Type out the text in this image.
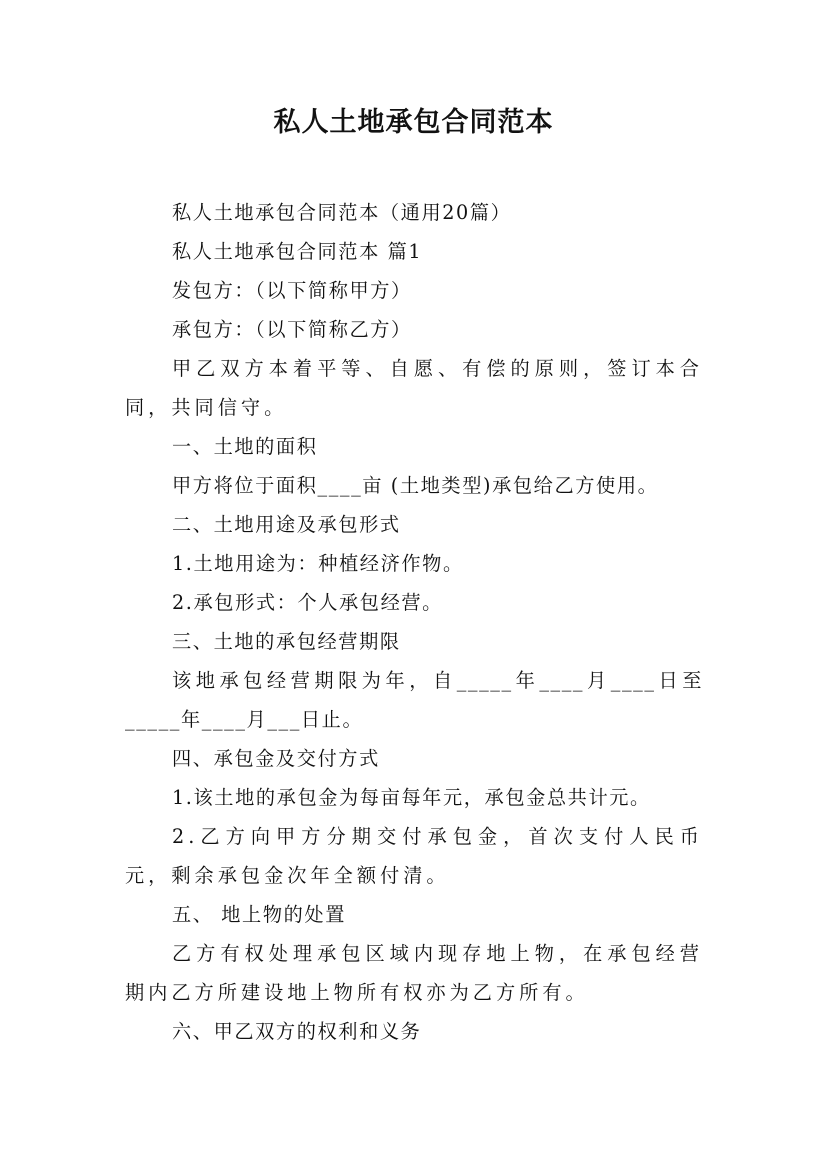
私人土地承包合同范本

私人土地承包合同范本（通用20篇）

私人土地承包合同范本 篇1

发包方：（以下简称甲方）

承包方：（以下简称乙方）

甲乙双方本着平等、自愿、有偿的原则，签订本合同，共同信守。

一、土地的面积

甲方将位于面积____亩 (土地类型)承包给乙方使用。

二、土地用途及承包形式

1.土地用途为：种植经济作物。

2.承包形式：个人承包经营。

三、土地的承包经营期限

该地承包经营期限为年，自_____年____月____日至_____年____月___日止。

四、承包金及交付方式

1.该土地的承包金为每亩每年元，承包金总共计元。

2.乙方向甲方分期交付承包金，首次支付人民币元，剩余承包金次年全额付清。

五、 地上物的处置

乙方有权处理承包区域内现存地上物，在承包经营期内乙方所建设地上物所有权亦为乙方所有。

六、甲乙双方的权利和义务
